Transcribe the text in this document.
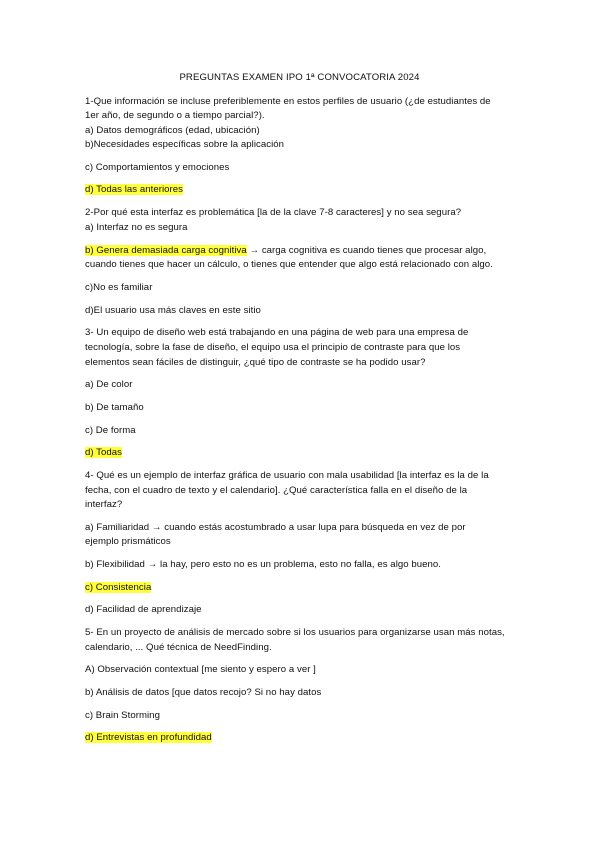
PREGUNTAS EXAMEN IPO 1ª CONVOCATORIA 2024
1-Que información se incluse preferiblemente en estos perfiles de usuario (¿de estudiantes de
1er año, de segundo o a tiempo parcial?).
a) Datos demográficos (edad, ubicación)
b)Necesidades específicas sobre la aplicación
c) Comportamientos y emociones
d) Todas las anteriores
2-Por qué esta interfaz es problemática [la de la clave 7-8 caracteres] y no sea segura?
a) Interfaz no es segura
b) Genera demasiada carga cognitiva → carga cognitiva es cuando tienes que procesar algo,
cuando tienes que hacer un cálculo, o tienes que entender que algo está relacionado con algo.
c)No es familiar
d)El usuario usa más claves en este sitio
3- Un equipo de diseño web está trabajando en una página de web para una empresa de
tecnología, sobre la fase de diseño, el equipo usa el principio de contraste para que los
elementos sean fáciles de distinguir, ¿qué tipo de contraste se ha podido usar?
a) De color
b) De tamaño
c) De forma
d) Todas
4- Qué es un ejemplo de interfaz gráfica de usuario con mala usabilidad [la interfaz es la de la
fecha, con el cuadro de texto y el calendario]. ¿Qué característica falla en el diseño de la
interfaz?
a) Familiaridad → cuando estás acostumbrado a usar lupa para búsqueda en vez de por
ejemplo prismáticos
b) Flexibilidad → la hay, pero esto no es un problema, esto no falla, es algo bueno.
c) Consistencia
d) Facilidad de aprendizaje
5- En un proyecto de análisis de mercado sobre si los usuarios para organizarse usan más notas,
calendario, ... Qué técnica de NeedFinding.
A) Observación contextual [me siento y espero a ver ]
b) Análisis de datos [que datos recojo? Si no hay datos
c) Brain Storming
d) Entrevistas en profundidad
